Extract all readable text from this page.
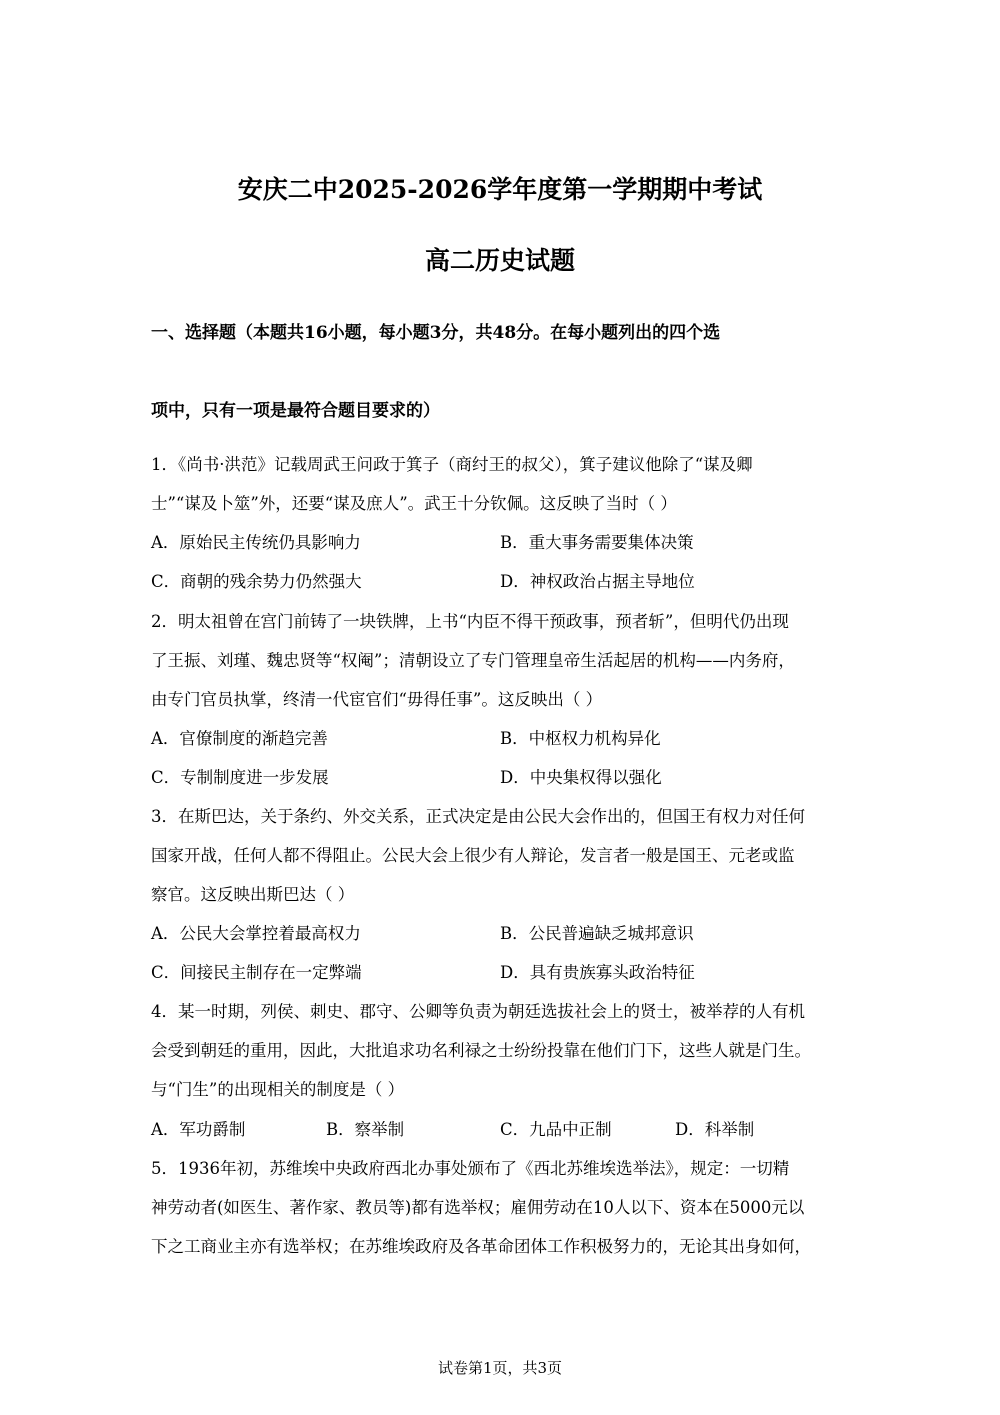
安庆二中2025-2026学年度第一学期期中考试
高二历史试题
一、选择题（本题共16小题，每小题3分，共48分。在每小题列出的四个选
项中，只有一项是最符合题目要求的）
1．《尚书·洪范》记载周武王问政于箕子（商纣王的叔父），箕子建议他除了“谋及卿
士”“谋及卜筮”外，还要“谋及庶人”。武王十分钦佩。这反映了当时（ ）
A．原始民主传统仍具影响力	B．重大事务需要集体决策
C．商朝的残余势力仍然强大	D．神权政治占据主导地位
2．明太祖曾在宫门前铸了一块铁牌，上书“内臣不得干预政事，预者斩”，但明代仍出现
了王振、刘瑾、魏忠贤等“权阉”；清朝设立了专门管理皇帝生活起居的机构——内务府，
由专门官员执掌，终清一代宦官们“毋得任事”。这反映出（ ）
A．官僚制度的渐趋完善	B．中枢权力机构异化
C．专制制度进一步发展	D．中央集权得以强化
3．在斯巴达，关于条约、外交关系，正式决定是由公民大会作出的，但国王有权力对任何
国家开战，任何人都不得阻止。公民大会上很少有人辩论，发言者一般是国王、元老或监
察官。这反映出斯巴达（ ）
A．公民大会掌控着最高权力	B．公民普遍缺乏城邦意识
C．间接民主制存在一定弊端	D．具有贵族寡头政治特征
4．某一时期，列侯、刺史、郡守、公卿等负责为朝廷选拔社会上的贤士，被举荐的人有机
会受到朝廷的重用，因此，大批追求功名利禄之士纷纷投靠在他们门下，这些人就是门生。
与“门生”的出现相关的制度是（ ）
A．军功爵制	B．察举制	C．九品中正制	D．科举制
5．1936年初，苏维埃中央政府西北办事处颁布了《西北苏维埃选举法》，规定：一切精
神劳动者(如医生、著作家、教员等)都有选举权；雇佣劳动在10人以下、资本在5000元以
下之工商业主亦有选举权；在苏维埃政府及各革命团体工作积极努力的，无论其出身如何，
试卷第1页，共3页
